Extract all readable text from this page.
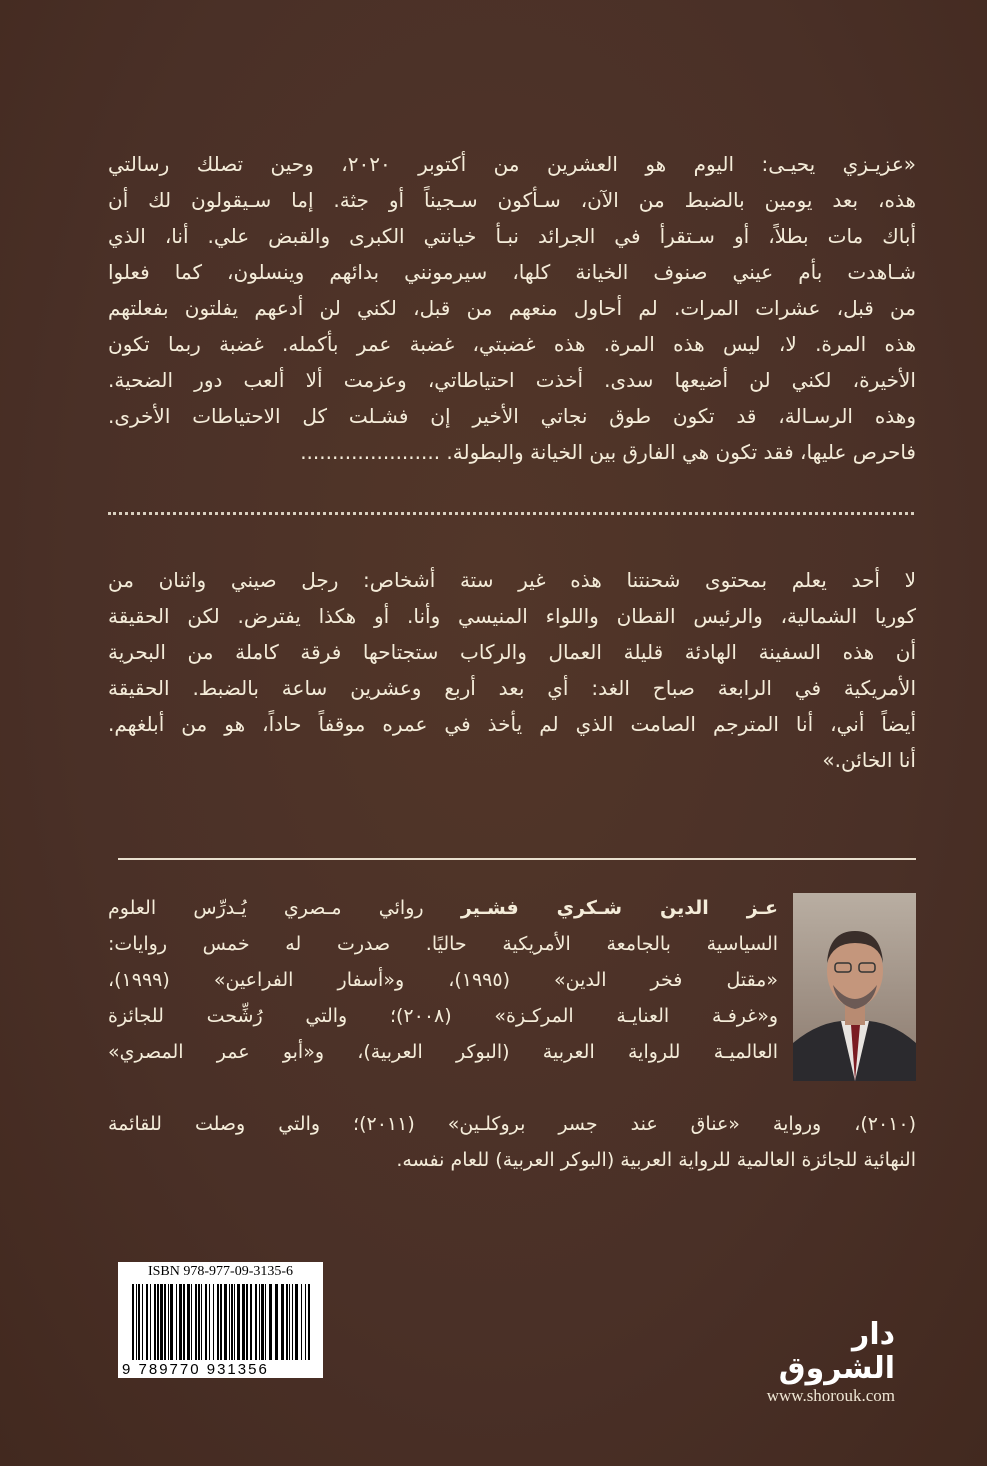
«عزيـزي يحيـى: اليوم هو العشرين من أكتوبر ٢٠٢٠، وحين تصلك رسالتي
هذه، بعد يومين بالضبط من الآن، سـأكون سـجيناً أو جثة. إما سـيقولون لك أن
أباك مات بطلاً، أو سـتقرأ في الجرائد نبـأ خيانتي الكبرى والقبض علي. أنا، الذي
شـاهدت بأم عيني صنوف الخيانة كلها، سيرمونني بدائهم وينسلون، كما فعلوا
من قبل، عشرات المرات. لم أحاول منعهم من قبل، لكني لن أدعهم يفلتون بفعلتهم
هذه المرة. لا، ليس هذه المرة. هذه غضبتي، غضبة عمر بأكمله. غضبة ربما تكون
الأخيرة، لكني لن أضيعها سدى. أخذت احتياطاتي، وعزمت ألا ألعب دور الضحية.
وهذه الرسـالة، قد تكون طوق نجاتي الأخير إن فشـلت كل الاحتياطات الأخرى.
فاحرص عليها، فقد تكون هي الفارق بين الخيانة والبطولة. ......................
لا أحد يعلم بمحتوى شحنتنا هذه غير ستة أشخاص: رجل صيني واثنان من
كوريا الشمالية، والرئيس القطان واللواء المنيسي وأنا. أو هكذا يفترض. لكن الحقيقة
أن هذه السفينة الهادئة قليلة العمال والركاب ستجتاحها فرقة كاملة من البحرية
الأمريكية في الرابعة صباح الغد: أي بعد أربع وعشرين ساعة بالضبط. الحقيقة
أيضاً أني، أنا المترجم الصامت الذي لم يأخذ في عمره موقفاً حاداً، هو من أبلغهم.
أنا الخائن.»
عـز الدين شـكري فشـير روائي مـصري يُـدرِّس العلوم
السياسية بالجامعة الأمريكية حاليًا. صدرت له خمس روايات:
«مقتل فخر الدين» (١٩٩٥)، و«أسفار الفراعين» (١٩٩٩)،
و«غرفـة العنايـة المركـزة» (٢٠٠٨)؛ والتي رُشِّحت للجائزة
العالميـة للرواية العربية (البوكر العربية)، و«أبو عمر المصري»
(٢٠١٠)، ورواية «عناق عند جسر بروكلـين» (٢٠١١)؛ والتي وصلت للقائمة
النهائية للجائزة العالمية للرواية العربية (البوكر العربية) للعام نفسه.
ISBN 978-977-09-3135-6
9 789770 931356
دار الشروق
www.shorouk.com
